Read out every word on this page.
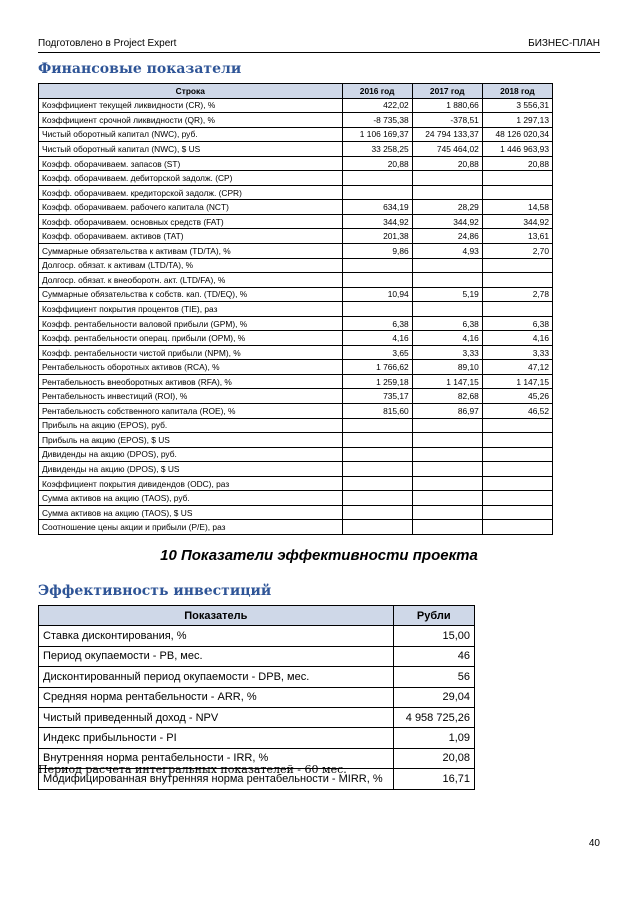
Подготовлено в Project Expert	БИЗНЕС-ПЛАН
Финансовые показатели
Строка	2016 год	2017 год	2018 год
Коэффициент текущей ликвидности (CR), %	422,02	1 880,66	3 556,31
Коэффициент срочной ликвидности (QR), %	-8 735,38	-378,51	1 297,13
Чистый оборотный капитал (NWC), руб.	1 106 169,37	24 794 133,37	48 126 020,34
Чистый оборотный капитал (NWC), $ US	33 258,25	745 464,02	1 446 963,93
Коэфф. оборачиваем. запасов (ST)	20,88	20,88	20,88
Коэфф. оборачиваем. дебиторской задолж. (CP)			
Коэфф. оборачиваем. кредиторской задолж. (CPR)			
Коэфф. оборачиваем. рабочего капитала (NCT)	634,19	28,29	14,58
Коэфф. оборачиваем. основных средств (FAT)	344,92	344,92	344,92
Коэфф. оборачиваем. активов (TAT)	201,38	24,86	13,61
Суммарные обязательства к активам (TD/TA), %	9,86	4,93	2,70
Долгоср. обязат. к активам (LTD/TA), %			
Долгоср. обязат. к внеоборотн. акт. (LTD/FA), %			
Суммарные обязательства к собств. кап. (TD/EQ), %	10,94	5,19	2,78
Коэффициент покрытия процентов (TIE), раз			
Коэфф. рентабельности валовой прибыли (GPM), %	6,38	6,38	6,38
Коэфф. рентабельности операц. прибыли (OPM), %	4,16	4,16	4,16
Коэфф. рентабельности чистой прибыли (NPM), %	3,65	3,33	3,33
Рентабельность оборотных активов (RCA), %	1 766,62	89,10	47,12
Рентабельность внеоборотных активов (RFA), %	1 259,18	1 147,15	1 147,15
Рентабельность инвестиций (ROI), %	735,17	82,68	45,26
Рентабельность собственного капитала (ROE), %	815,60	86,97	46,52
Прибыль на акцию (EPOS), руб.			
Прибыль на акцию (EPOS), $ US			
Дивиденды на акцию (DPOS), руб.			
Дивиденды на акцию (DPOS), $ US			
Коэффициент покрытия дивидендов (ODC), раз			
Сумма активов на акцию (TAOS), руб.			
Сумма активов на акцию (TAOS), $ US			
Соотношение цены акции и прибыли (P/E), раз			
10 Показатели эффективности проекта
Эффективность инвестиций
Показатель	Рубли
Ставка дисконтирования, %	15,00
Период окупаемости - PB, мес.	46
Дисконтированный период окупаемости - DPB, мес.	56
Средняя норма рентабельности - ARR, %	29,04
Чистый приведенный доход - NPV	4 958 725,26
Индекс прибыльности - PI	1,09
Внутренняя норма рентабельности - IRR, %	20,08
Модифицированная внутренняя норма рентабельности - MIRR, %	16,71
Период расчета интегральных показателей - 60 мес.
40
